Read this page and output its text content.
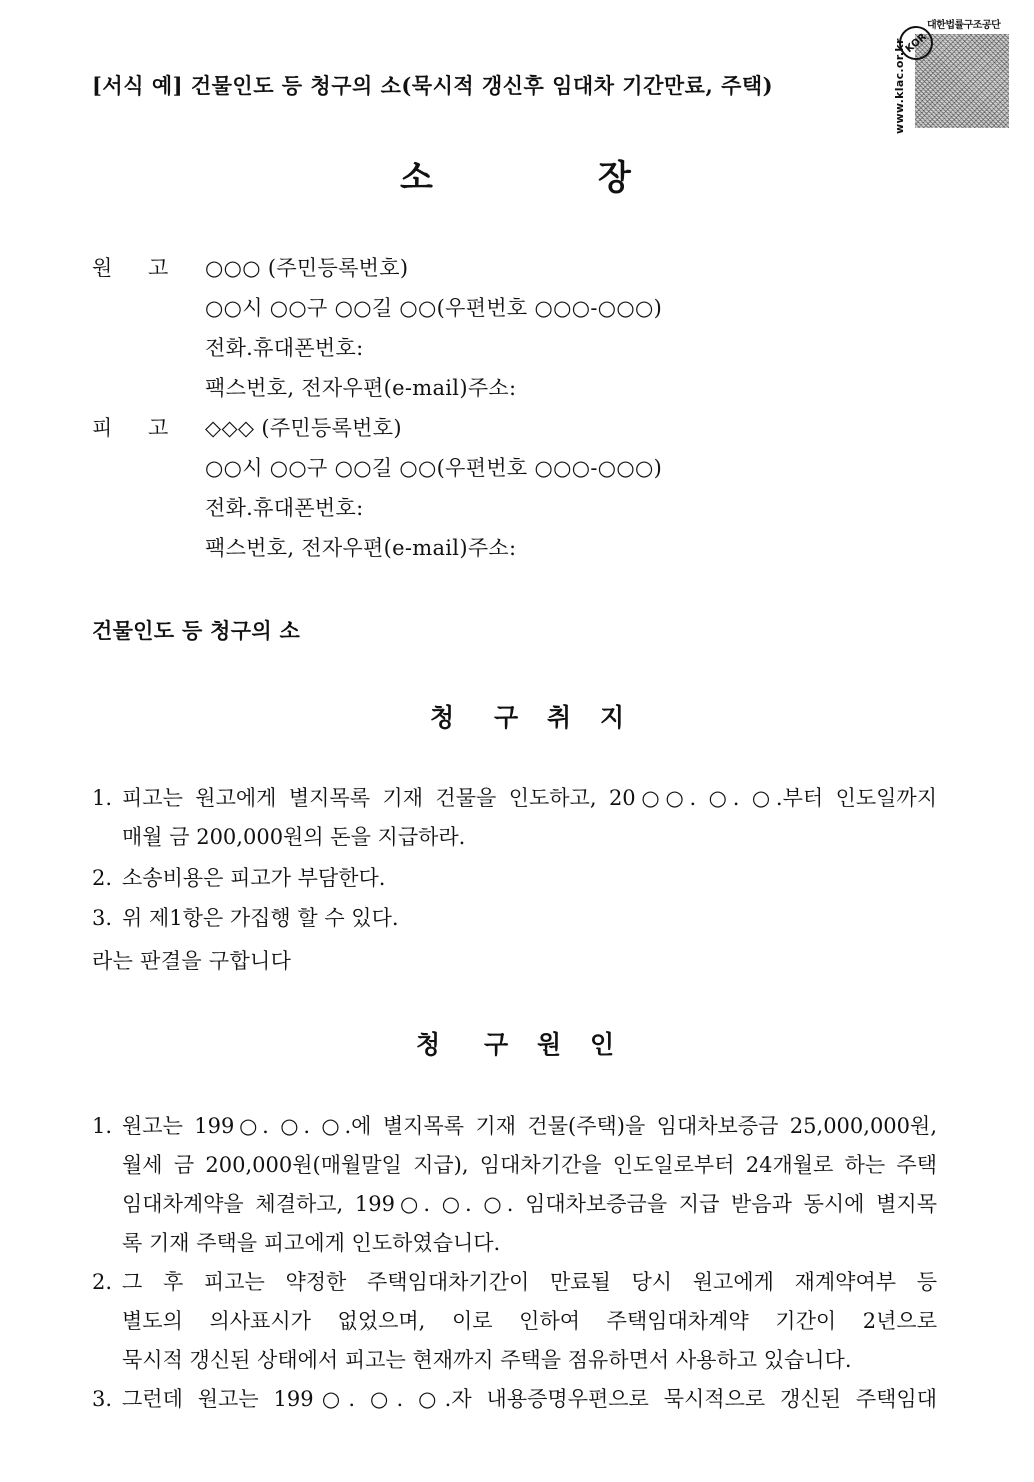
[서식 예] 건물인도 등 청구의 소(묵시적 갱신후 임대차 기간만료, 주택)	www.klac.or.kr
KOR
대한법률구조공단
소	장
원 고 ○○○ (주민등록번호)
○○시 ○○구 ○○길 ○○(우편번호 ○○○-○○○)
전화.휴대폰번호:
팩스번호, 전자우편(e-mail)주소:
피 고 ◇◇◇ (주민등록번호)
○○시 ○○구 ○○길 ○○(우편번호 ○○○-○○○)
전화.휴대폰번호:
팩스번호, 전자우편(e-mail)주소:
건물인도 등 청구의 소
청 구 취 지
1. 피고는 원고에게 별지목록 기재 건물을 인도하고, 20○○. ○. ○.부터 인도일까지
매월 금 200,000원의 돈을 지급하라.
2. 소송비용은 피고가 부담한다.
3. 위 제1항은 가집행 할 수 있다.
라는 판결을 구합니다
청 구 원 인
1. 원고는 199○. ○. ○.에 별지목록 기재 건물(주택)을 임대차보증금 25,000,000원,
월세 금 200,000원(매월말일 지급), 임대차기간을 인도일로부터 24개월로 하는 주택
임대차계약을 체결하고, 199○. ○. ○. 임대차보증금을 지급 받음과 동시에 별지목
록 기재 주택을 피고에게 인도하였습니다.
2. 그 후 피고는 약정한 주택임대차기간이 만료될 당시 원고에게 재계약여부 등
별도의 의사표시가 없었으며, 이로 인하여 주택임대차계약 기간이 2년으로
묵시적 갱신된 상태에서 피고는 현재까지 주택을 점유하면서 사용하고 있습니다.
3. 그런데 원고는 199○. ○. ○.자 내용증명우편으로 묵시적으로 갱신된 주택임대
